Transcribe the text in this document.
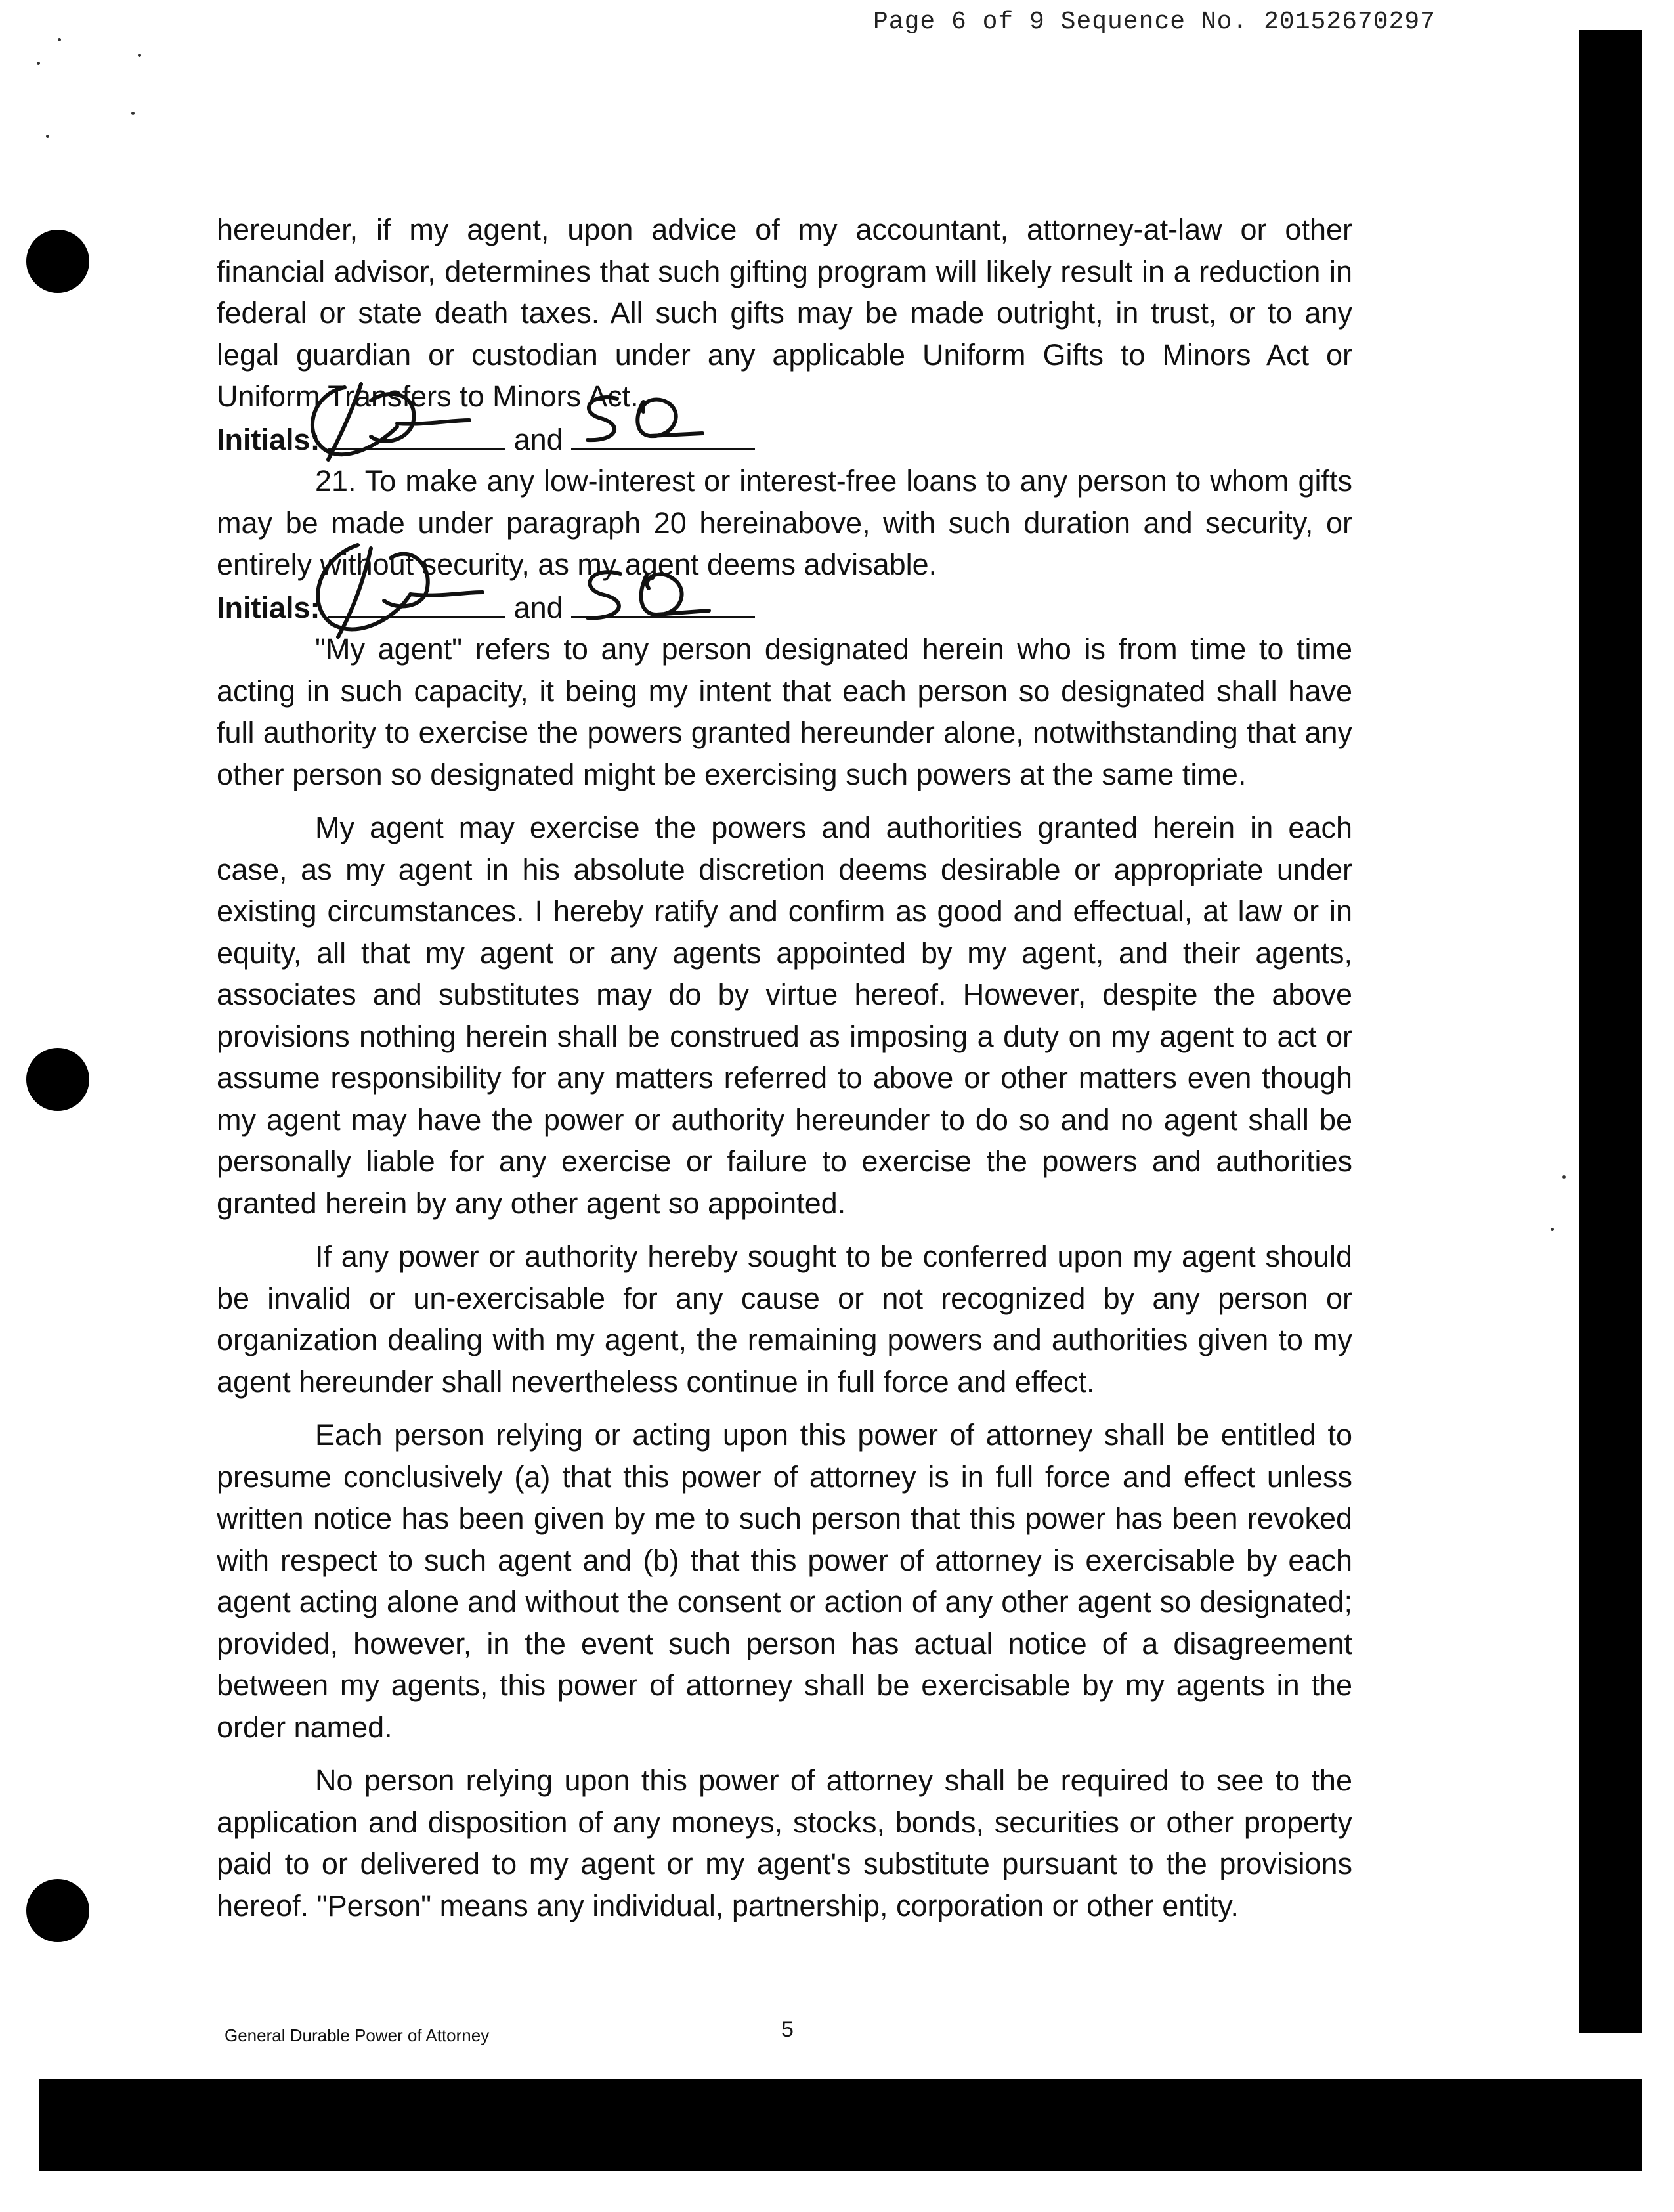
Page 6 of 9 Sequence No. 20152670297

hereunder, if my agent, upon advice of my accountant, attorney-at-law or other financial advisor, determines that such gifting program will likely result in a reduction in federal or state death taxes. All such gifts may be made outright, in trust, or to any legal guardian or custodian under any applicable Uniform Gifts to Minors Act or Uniform Transfers to Minors Act.

Initials:	and

21. To make any low-interest or interest-free loans to any person to whom gifts may be made under paragraph 20 hereinabove, with such duration and security, or entirely without security, as my agent deems advisable.

Initials:	and

"My agent" refers to any person designated herein who is from time to time acting in such capacity, it being my intent that each person so designated shall have full authority to exercise the powers granted hereunder alone, notwithstanding that any other person so designated might be exercising such powers at the same time.

My agent may exercise the powers and authorities granted herein in each case, as my agent in his absolute discretion deems desirable or appropriate under existing circumstances. I hereby ratify and confirm as good and effectual, at law or in equity, all that my agent or any agents appointed by my agent, and their agents, associates and substitutes may do by virtue hereof. However, despite the above provisions nothing herein shall be construed as imposing a duty on my agent to act or assume responsibility for any matters referred to above or other matters even though my agent may have the power or authority hereunder to do so and no agent shall be personally liable for any exercise or failure to exercise the powers and authorities granted herein by any other agent so appointed.

If any power or authority hereby sought to be conferred upon my agent should be invalid or un-exercisable for any cause or not recognized by any person or organization dealing with my agent, the remaining powers and authorities given to my agent hereunder shall nevertheless continue in full force and effect.

Each person relying or acting upon this power of attorney shall be entitled to presume conclusively (a) that this power of attorney is in full force and effect unless written notice has been given by me to such person that this power has been revoked with respect to such agent and (b) that this power of attorney is exercisable by each agent acting alone and without the consent or action of any other agent so designated; provided, however, in the event such person has actual notice of a disagreement between my agents, this power of attorney shall be exercisable by my agents in the order named.

No person relying upon this power of attorney shall be required to see to the application and disposition of any moneys, stocks, bonds, securities or other property paid to or delivered to my agent or my agent's substitute pursuant to the provisions hereof. "Person" means any individual, partnership, corporation or other entity.

General Durable Power of Attorney	5
